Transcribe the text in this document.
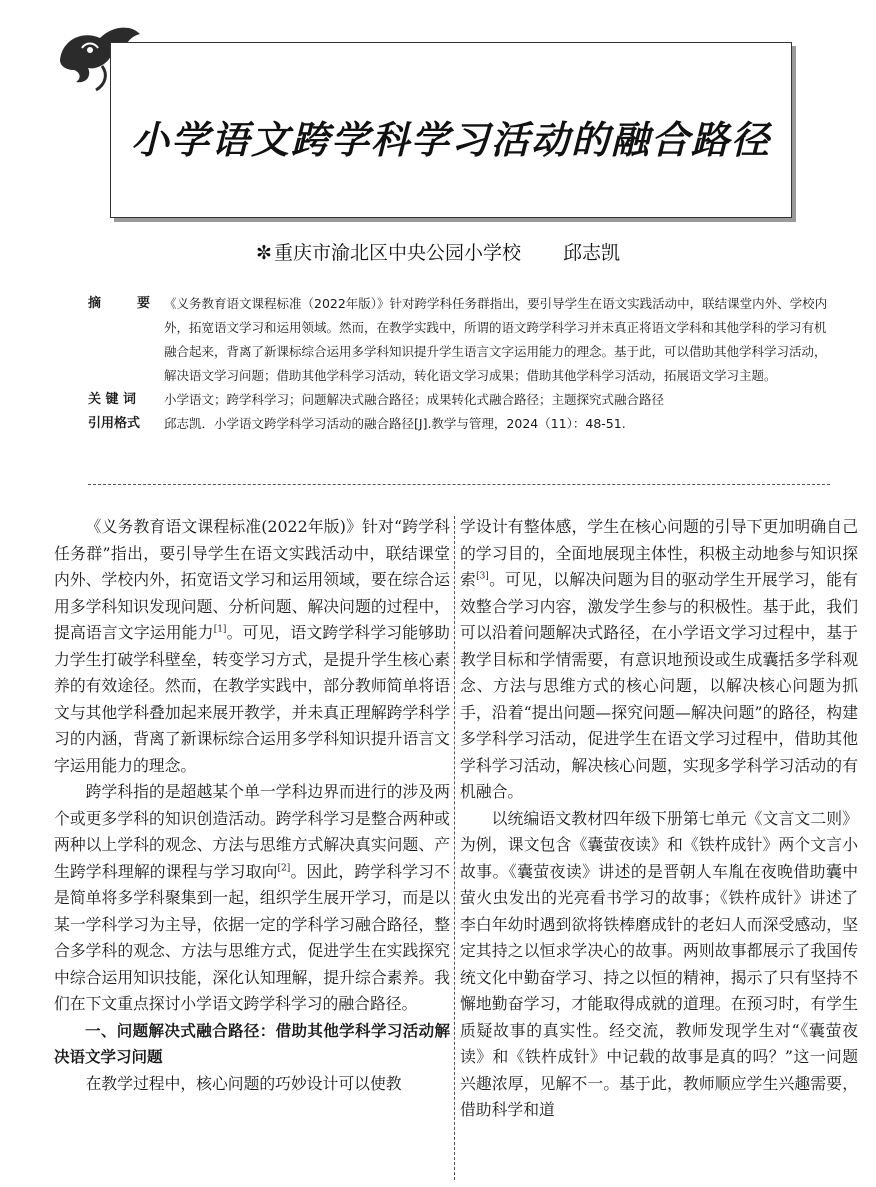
小学语文跨学科学习活动的融合路径
✼ 重庆市渝北区中央公园小学校 邱志凯
摘	要 《义务教育语文课程标准（2022年版）》针对跨学科任务群指出，要引导学生在语文实践活动中，联结课堂内外、学校内外，拓宽语文学习和运用领域。然而，在教学实践中，所谓的语文跨学科学习并未真正将语文学科和其他学科的学习有机融合起来，背离了新课标综合运用多学科知识提升学生语言文字运用能力的理念。基于此，可以借助其他学科学习活动，解决语文学习问题；借助其他学科学习活动，转化语文学习成果；借助其他学科学习活动，拓展语文学习主题。
关 键 词	小学语文；跨学科学习；问题解决式融合路径；成果转化式融合路径；主题探究式融合路径
引用格式	邱志凯．小学语文跨学科学习活动的融合路径[J].教学与管理，2024（11）：48-51.

《义务教育语文课程标准(2022年版)》针对“跨学科任务群”指出，要引导学生在语文实践活动中，联结课堂内外、学校内外，拓宽语文学习和运用领域，要在综合运用多学科知识发现问题、分析问题、解决问题的过程中，提高语言文字运用能力[1]。可见，语文跨学科学习能够助力学生打破学科壁垒，转变学习方式，是提升学生核心素养的有效途径。然而，在教学实践中，部分教师简单将语文与其他学科叠加起来展开教学，并未真正理解跨学科学习的内涵，背离了新课标综合运用多学科知识提升语言文字运用能力的理念。

跨学科指的是超越某个单一学科边界而进行的涉及两个或更多学科的知识创造活动。跨学科学习是整合两种或两种以上学科的观念、方法与思维方式解决真实问题、产生跨学科理解的课程与学习取向[2]。因此，跨学科学习不是简单将多学科聚集到一起，组织学生展开学习，而是以某一学科学习为主导，依据一定的学科学习融合路径，整合多学科的观念、方法与思维方式，促进学生在实践探究中综合运用知识技能，深化认知理解，提升综合素养。我们在下文重点探讨小学语文跨学科学习的融合路径。

一、问题解决式融合路径：借助其他学科学习活动解决语文学习问题

在教学过程中，核心问题的巧妙设计可以使教

学设计有整体感，学生在核心问题的引导下更加明确自己的学习目的，全面地展现主体性，积极主动地参与知识探索[3]。可见，以解决问题为目的驱动学生开展学习，能有效整合学习内容，激发学生参与的积极性。基于此，我们可以沿着问题解决式路径，在小学语文学习过程中，基于教学目标和学情需要，有意识地预设或生成囊括多学科观念、方法与思维方式的核心问题，以解决核心问题为抓手，沿着“提出问题—探究问题—解决问题”的路径，构建多学科学习活动，促进学生在语文学习过程中，借助其他学科学习活动，解决核心问题，实现多学科学习活动的有机融合。

以统编语文教材四年级下册第七单元《文言文二则》为例，课文包含《囊萤夜读》和《铁杵成针》两个文言小故事。《囊萤夜读》讲述的是晋朝人车胤在夜晚借助囊中萤火虫发出的光亮看书学习的故事；《铁杵成针》讲述了李白年幼时遇到欲将铁棒磨成针的老妇人而深受感动，坚定其持之以恒求学决心的故事。两则故事都展示了我国传统文化中勤奋学习、持之以恒的精神，揭示了只有坚持不懈地勤奋学习，才能取得成就的道理。在预习时，有学生质疑故事的真实性。经交流，教师发现学生对“《囊萤夜读》和《铁杵成针》中记载的故事是真的吗？”这一问题兴趣浓厚，见解不一。基于此，教师顺应学生兴趣需要，借助科学和道
